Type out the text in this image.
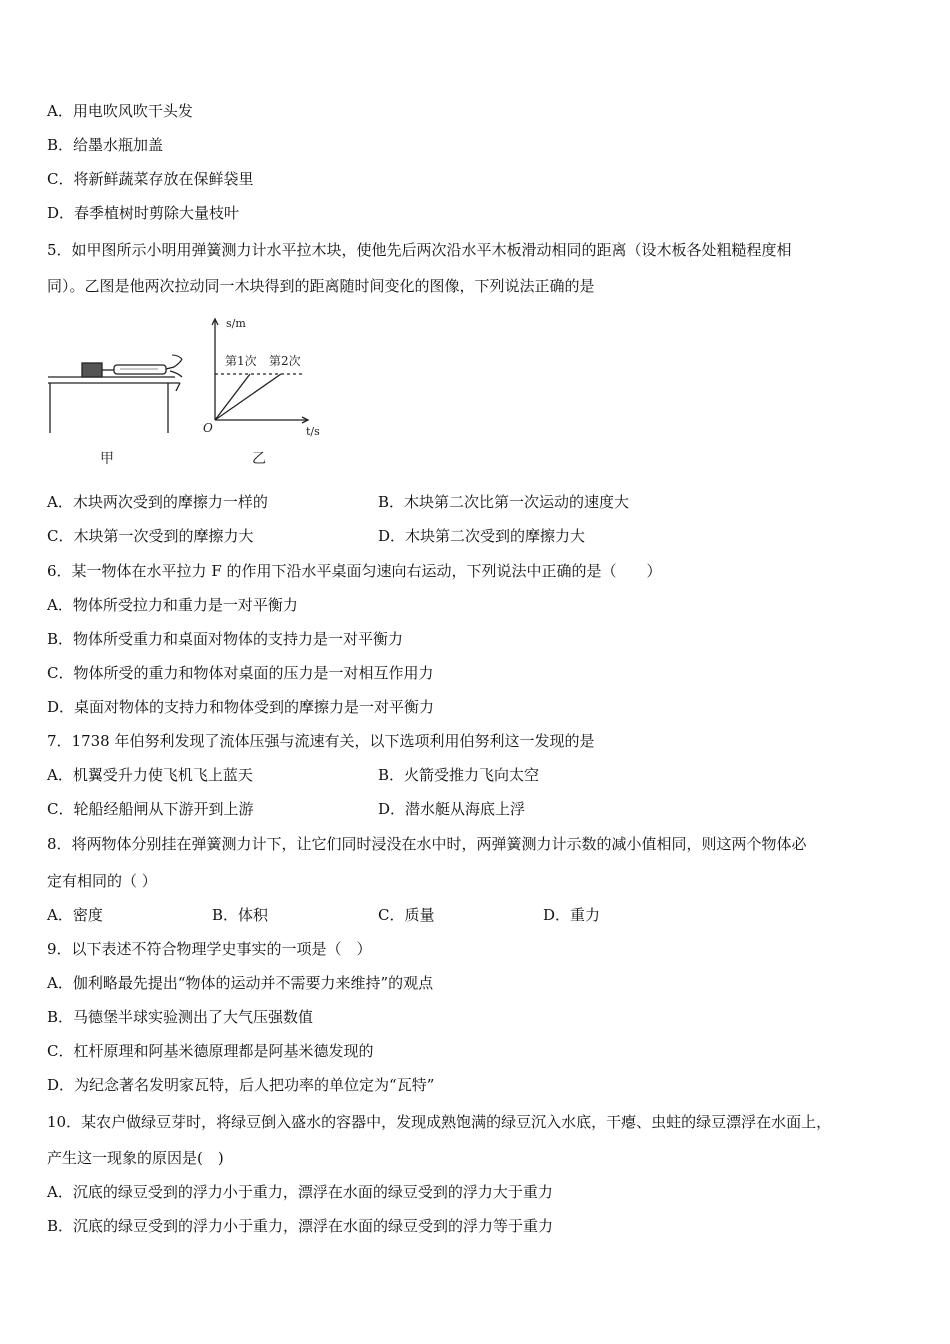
A．用电吹风吹干头发
B．给墨水瓶加盖
C．将新鲜蔬菜存放在保鲜袋里
D．春季植树时剪除大量枝叶
5．如甲图所示小明用弹簧测力计水平拉木块，使他先后两次沿水平木板滑动相同的距离（设木板各处粗糙程度相
同）。乙图是他两次拉动同一木块得到的距离随时间变化的图像，下列说法正确的是
s/m
t/s
O
第1次 第2次
甲	乙
A．木块两次受到的摩擦力一样的	B．木块第二次比第一次运动的速度大
C．木块第一次受到的摩擦力大	D．木块第二次受到的摩擦力大
6．某一物体在水平拉力 F 的作用下沿水平桌面匀速向右运动，下列说法中正确的是（　　）
A．物体所受拉力和重力是一对平衡力
B．物体所受重力和桌面对物体的支持力是一对平衡力
C．物体所受的重力和物体对桌面的压力是一对相互作用力
D．桌面对物体的支持力和物体受到的摩擦力是一对平衡力
7．1738 年伯努利发现了流体压强与流速有关，以下选项利用伯努利这一发现的是
A．机翼受升力使飞机飞上蓝天	B．火箭受推力飞向太空
C．轮船经船闸从下游开到上游	D．潜水艇从海底上浮
8．将两物体分别挂在弹簧测力计下，让它们同时浸没在水中时，两弹簧测力计示数的减小值相同，则这两个物体必
定有相同的（ ）
A．密度	B．体积	C．质量	D．重力
9．以下表述不符合物理学史事实的一项是（　）
A．伽利略最先提出“物体的运动并不需要力来维持”的观点
B．马德堡半球实验测出了大气压强数值
C．杠杆原理和阿基米德原理都是阿基米德发现的
D．为纪念著名发明家瓦特，后人把功率的单位定为“瓦特”
10．某农户做绿豆芽时，将绿豆倒入盛水的容器中，发现成熟饱满的绿豆沉入水底，干瘪、虫蛀的绿豆漂浮在水面上，
产生这一现象的原因是(　)
A．沉底的绿豆受到的浮力小于重力，漂浮在水面的绿豆受到的浮力大于重力
B．沉底的绿豆受到的浮力小于重力，漂浮在水面的绿豆受到的浮力等于重力
